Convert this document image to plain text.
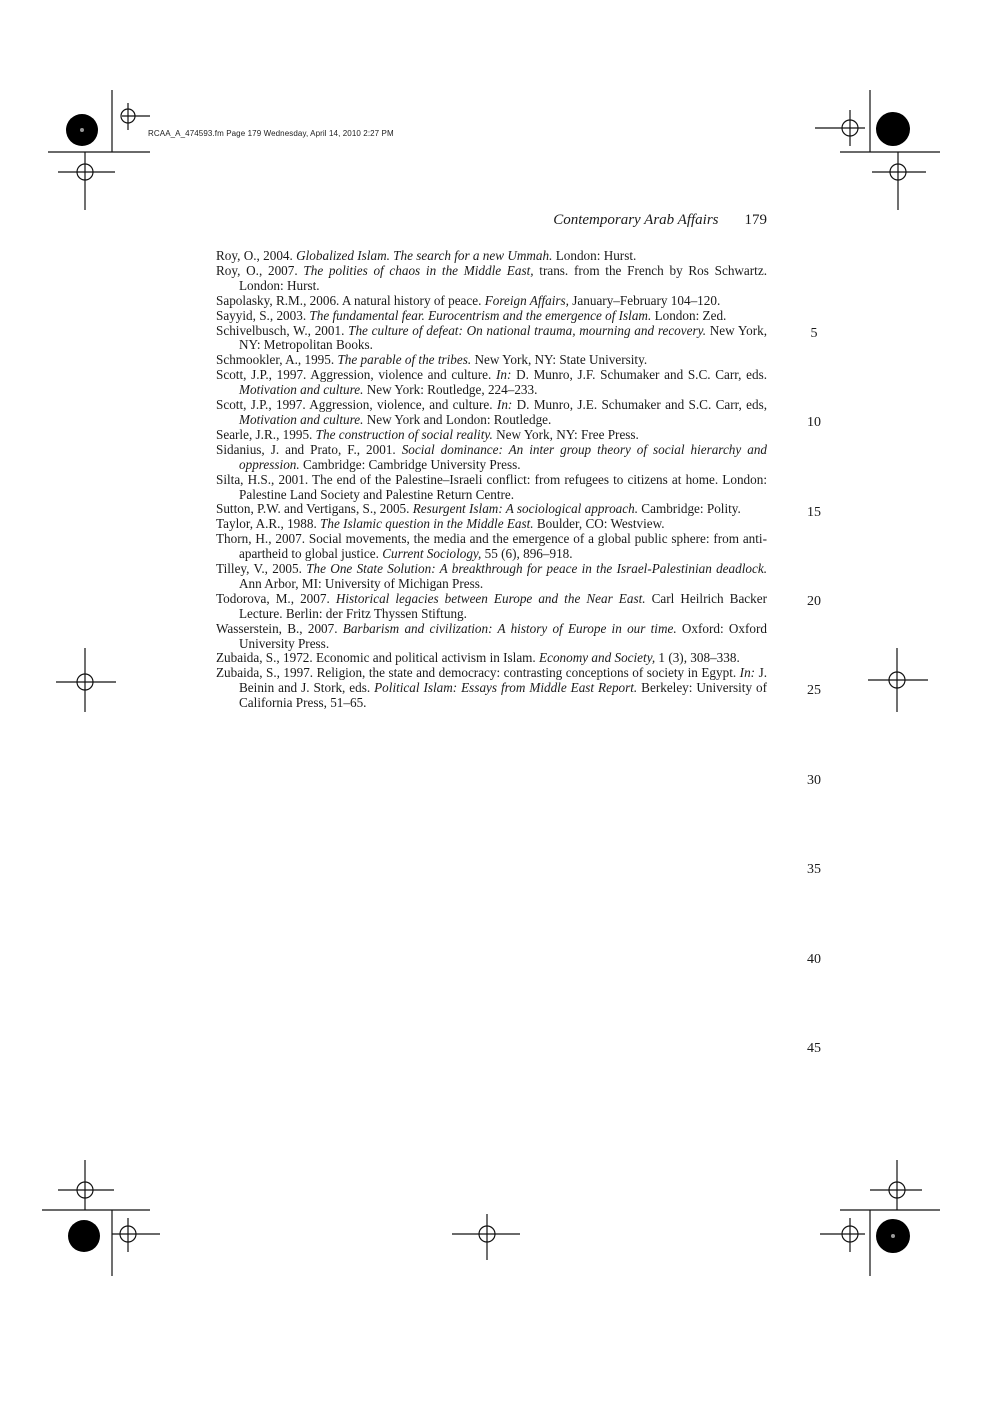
RCAA_A_474593.fm Page 179 Wednesday, April 14, 2010 2:27 PM
Contemporary Arab Affairs 179
Roy, O., 2004. Globalized Islam. The search for a new Ummah. London: Hurst.
Roy, O., 2007. The polities of chaos in the Middle East, trans. from the French by Ros Schwartz. London: Hurst.
Sapolasky, R.M., 2006. A natural history of peace. Foreign Affairs, January–February 104–120.
Sayyid, S., 2003. The fundamental fear. Eurocentrism and the emergence of Islam. London: Zed.
Schivelbusch, W., 2001. The culture of defeat: On national trauma, mourning and recovery. New York, NY: Metropolitan Books.
Schmookler, A., 1995. The parable of the tribes. New York, NY: State University.
Scott, J.P., 1997. Aggression, violence and culture. In: D. Munro, J.F. Schumaker and S.C. Carr, eds. Motivation and culture. New York: Routledge, 224–233.
Scott, J.P., 1997. Aggression, violence, and culture. In: D. Munro, J.E. Schumaker and S.C. Carr, eds, Motivation and culture. New York and London: Routledge.
Searle, J.R., 1995. The construction of social reality. New York, NY: Free Press.
Sidanius, J. and Prato, F., 2001. Social dominance: An inter group theory of social hierarchy and oppression. Cambridge: Cambridge University Press.
Silta, H.S., 2001. The end of the Palestine–Israeli conflict: from refugees to citizens at home. London: Palestine Land Society and Palestine Return Centre.
Sutton, P.W. and Vertigans, S., 2005. Resurgent Islam: A sociological approach. Cambridge: Polity.
Taylor, A.R., 1988. The Islamic question in the Middle East. Boulder, CO: Westview.
Thorn, H., 2007. Social movements, the media and the emergence of a global public sphere: from anti-apartheid to global justice. Current Sociology, 55 (6), 896–918.
Tilley, V., 2005. The One State Solution: A breakthrough for peace in the Israel-Palestinian deadlock. Ann Arbor, MI: University of Michigan Press.
Todorova, M., 2007. Historical legacies between Europe and the Near East. Carl Heilrich Backer Lecture. Berlin: der Fritz Thyssen Stiftung.
Wasserstein, B., 2007. Barbarism and civilization: A history of Europe in our time. Oxford: Oxford University Press.
Zubaida, S., 1972. Economic and political activism in Islam. Economy and Society, 1 (3), 308–338.
Zubaida, S., 1997. Religion, the state and democracy: contrasting conceptions of society in Egypt. In: J. Beinin and J. Stork, eds. Political Islam: Essays from Middle East Report. Berkeley: University of California Press, 51–65.
5
10
15
20
25
30
35
40
45
